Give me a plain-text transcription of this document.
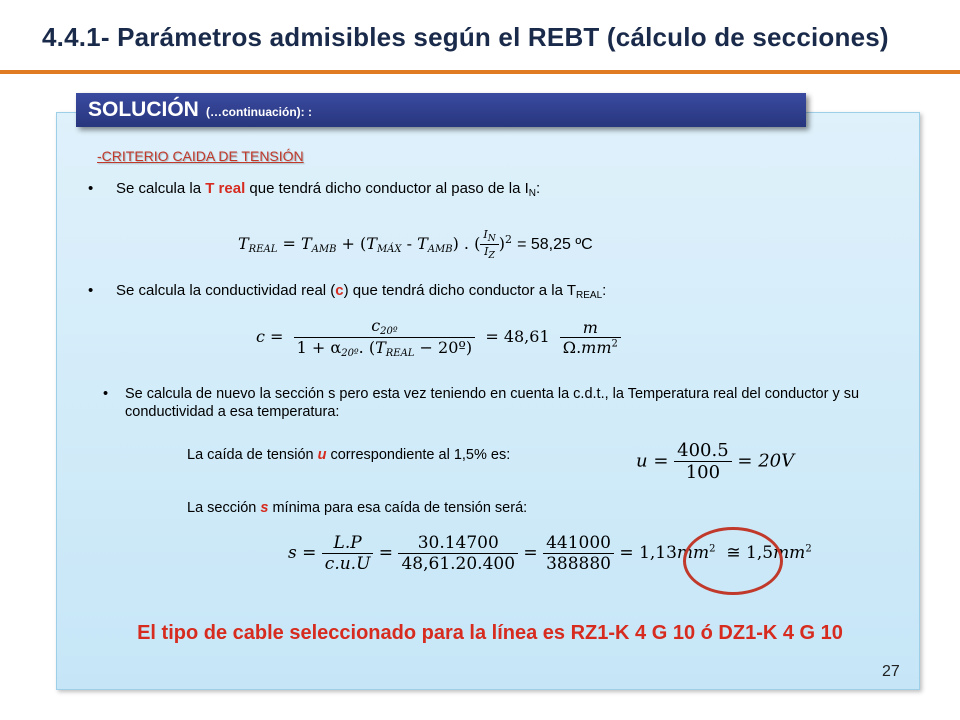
4.4.1- Parámetros admisibles según el REBT (cálculo de secciones)
SOLUCIÓN (…continuación): :
-CRITERIO CAIDA DE TENSIÓN
• Se calcula la T real que tendrá dicho conductor al paso de la $I_N$:
$T_{REAL} = T_{AMB} + (T_{MÁX} - T_{AMB})$ . ( $\frac{I_N}{I_Z} )^2 = 58,25$ ºC
• Se calcula la conductividad real (c) que tendrá dicho conductor a la $T_{REAL}$:
$c = \frac{c_{20º}}{1 + \alpha_{20º}. (T_{REAL} - 20º)} = 48,61 \frac{m}{\Omega.mm^2}$
• Se calcula de nuevo la sección s pero esta vez teniendo en cuenta la c.d.t., la Temperatura real del conductor y su conductividad a esa temperatura:
La caída de tensión u correspondiente al 1,5% es:	$u = \frac{400.5}{100} = 20V$
La sección s mínima para esa caída de tensión será:
$s = \frac{L.P}{c.u.U} = \frac{30.14700}{48,61.20.400} = \frac{441000}{388880} = 1,13mm^2$  ≅ $1,5mm^2$
El tipo de cable seleccionado para la línea es RZ1-K 4 G 10 ó DZ1-K 4 G 10
27
